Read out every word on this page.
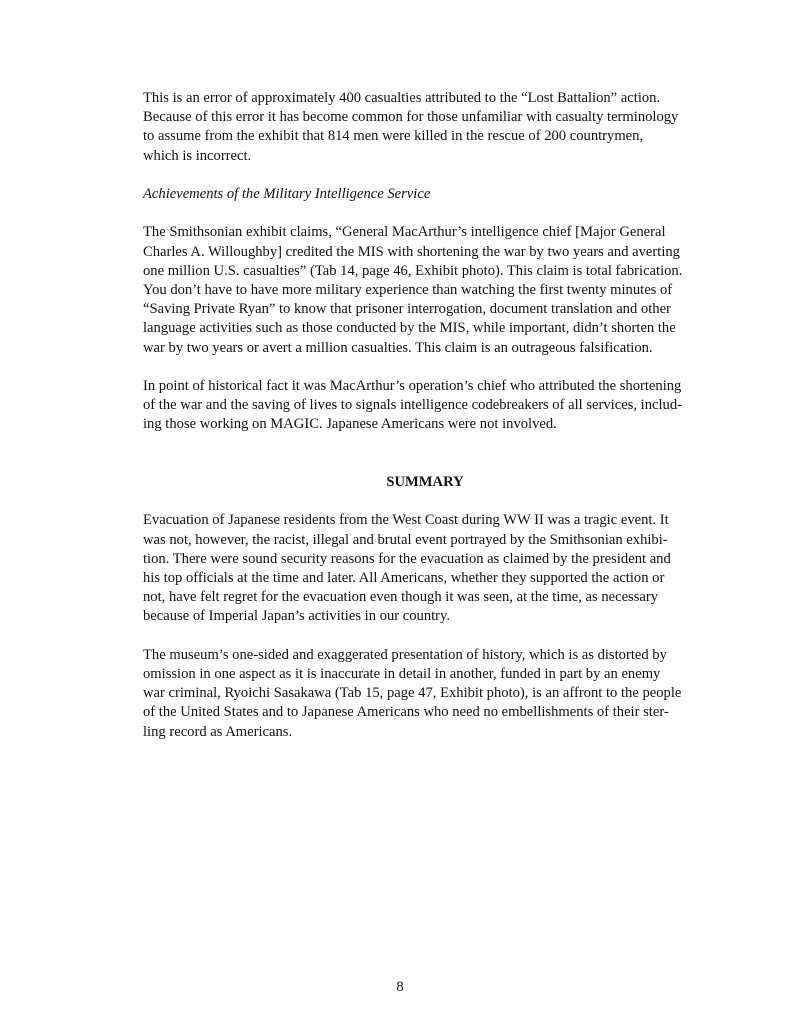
This is an error of approximately 400 casualties attributed to the “Lost Battalion” action.
Because of this error it has become common for those unfamiliar with casualty terminology
to assume from the exhibit that 814 men were killed in the rescue of 200 countrymen,
which is incorrect.

Achievements of the Military Intelligence Service

The Smithsonian exhibit claims, “General MacArthur’s intelligence chief [Major General
Charles A. Willoughby] credited the MIS with shortening the war by two years and averting
one million U.S. casualties” (Tab 14, page 46, Exhibit photo). This claim is total fabrication.
You don’t have to have more military experience than watching the first twenty minutes of
“Saving Private Ryan” to know that prisoner interrogation, document translation and other
language activities such as those conducted by the MIS, while important, didn’t shorten the
war by two years or avert a million casualties. This claim is an outrageous falsification.

In point of historical fact it was MacArthur’s operation’s chief who attributed the shortening
of the war and the saving of lives to signals intelligence codebreakers of all services, includ-
ing those working on MAGIC. Japanese Americans were not involved.

SUMMARY

Evacuation of Japanese residents from the West Coast during WW II was a tragic event. It
was not, however, the racist, illegal and brutal event portrayed by the Smithsonian exhibi-
tion. There were sound security reasons for the evacuation as claimed by the president and
his top officials at the time and later. All Americans, whether they supported the action or
not, have felt regret for the evacuation even though it was seen, at the time, as necessary
because of Imperial Japan’s activities in our country.

The museum’s one-sided and exaggerated presentation of history, which is as distorted by
omission in one aspect as it is inaccurate in detail in another, funded in part by an enemy
war criminal, Ryoichi Sasakawa (Tab 15, page 47, Exhibit photo), is an affront to the people
of the United States and to Japanese Americans who need no embellishments of their ster-
ling record as Americans.

8
